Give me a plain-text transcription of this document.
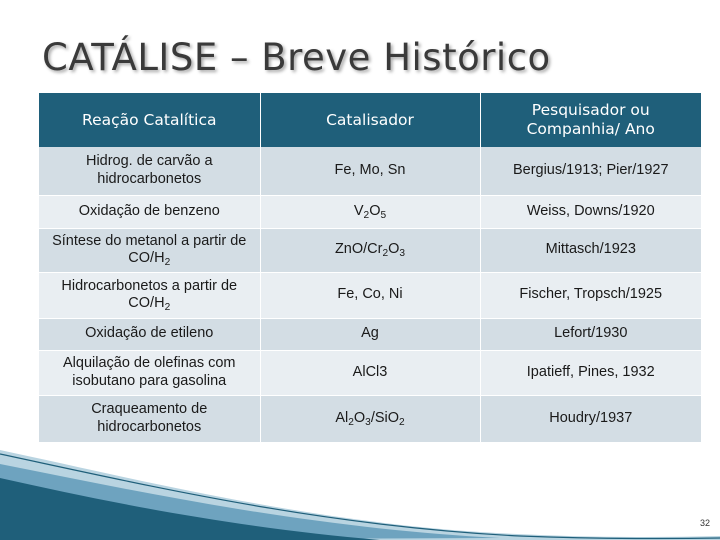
CATÁLISE – Breve Histórico
Reação Catalítica	Catalisador	Pesquisador ou Companhia/ Ano
Hidrog. de carvão a hidrocarbonetos	Fe, Mo, Sn	Bergius/1913; Pier/1927
Oxidação de benzeno	$V_2O_5$	Weiss, Downs/1920
Síntese do metanol a partir de $CO/H_2$	ZnO/$Cr_2O_3$	Mittasch/1923
Hidrocarbonetos a partir de $CO/H_2$	Fe, Co, Ni	Fischer, Tropsch/1925
Oxidação de etileno	Ag	Lefort/1930
Alquilação de olefinas com isobutano para gasolina	AlCl3	Ipatieff, Pines, 1932
Craqueamento de hidrocarbonetos	$Al_2O_3/SiO_2$	Houdry/1937
32
